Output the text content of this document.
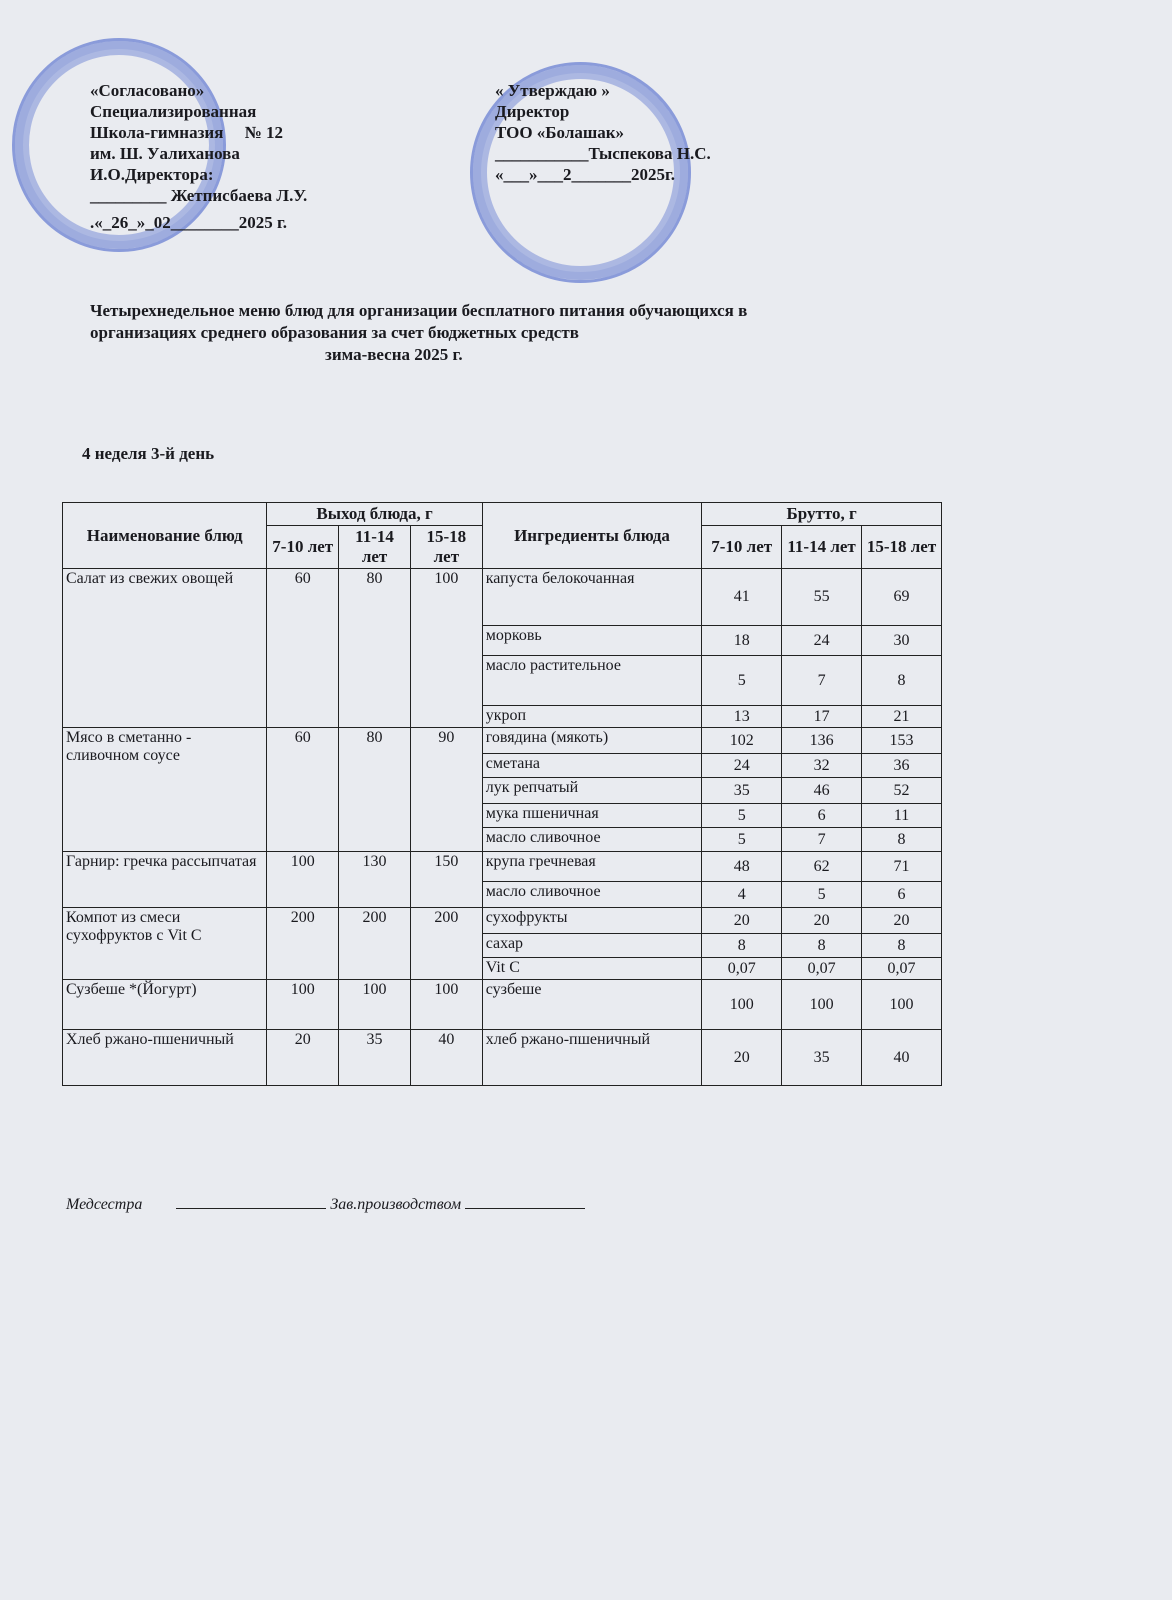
«Согласовано»
Специализированная
Школа-гимназия     № 12
им. Ш. Уалиханова
И.О.Директора:
_________ Жетписбаева Л.У.
.«_26_»_02________2025 г.
« Утверждаю »
Директор
ТОО «Болашак»
___________Тыспекова Н.С.
«___»___2_______2025г.
Четырехнедельное меню блюд для организации бесплатного питания обучающихся в
организациях среднего образования за счет бюджетных средств
зима-весна 2025 г.
4 неделя 3-й день
Наименование блюд	Выход блюда, г			Ингредиенты блюда	Брутто, г		
	7-10 лет	11-14 лет	15-18 лет		7-10 лет	11-14 лет	15-18 лет
Салат из свежих овощей	60	80	100	капуста белокочанная	41	55	69
				морковь	18	24	30
				масло растительное	5	7	8
				укроп	13	17	21
Мясо в сметанно - сливочном соусе	60	80	90	говядина (мякоть)	102	136	153
				сметана	24	32	36
				лук репчатый	35	46	52
				мука пшеничная	5	6	11
				масло сливочное	5	7	8
Гарнир: гречка рассыпчатая	100	130	150	крупа гречневая	48	62	71
				масло сливочное	4	5	6
Компот из смеси сухофруктов с Vit C	200	200	200	сухофрукты	20	20	20
				сахар	8	8	8
				Vit C	0,07	0,07	0,07
Сузбеше *(Йогурт)	100	100	100	сузбеше	100	100	100
Хлеб ржано-пшеничный	20	35	40	хлеб ржано-пшеничный	20	35	40
Медсестра	Зав.производством
